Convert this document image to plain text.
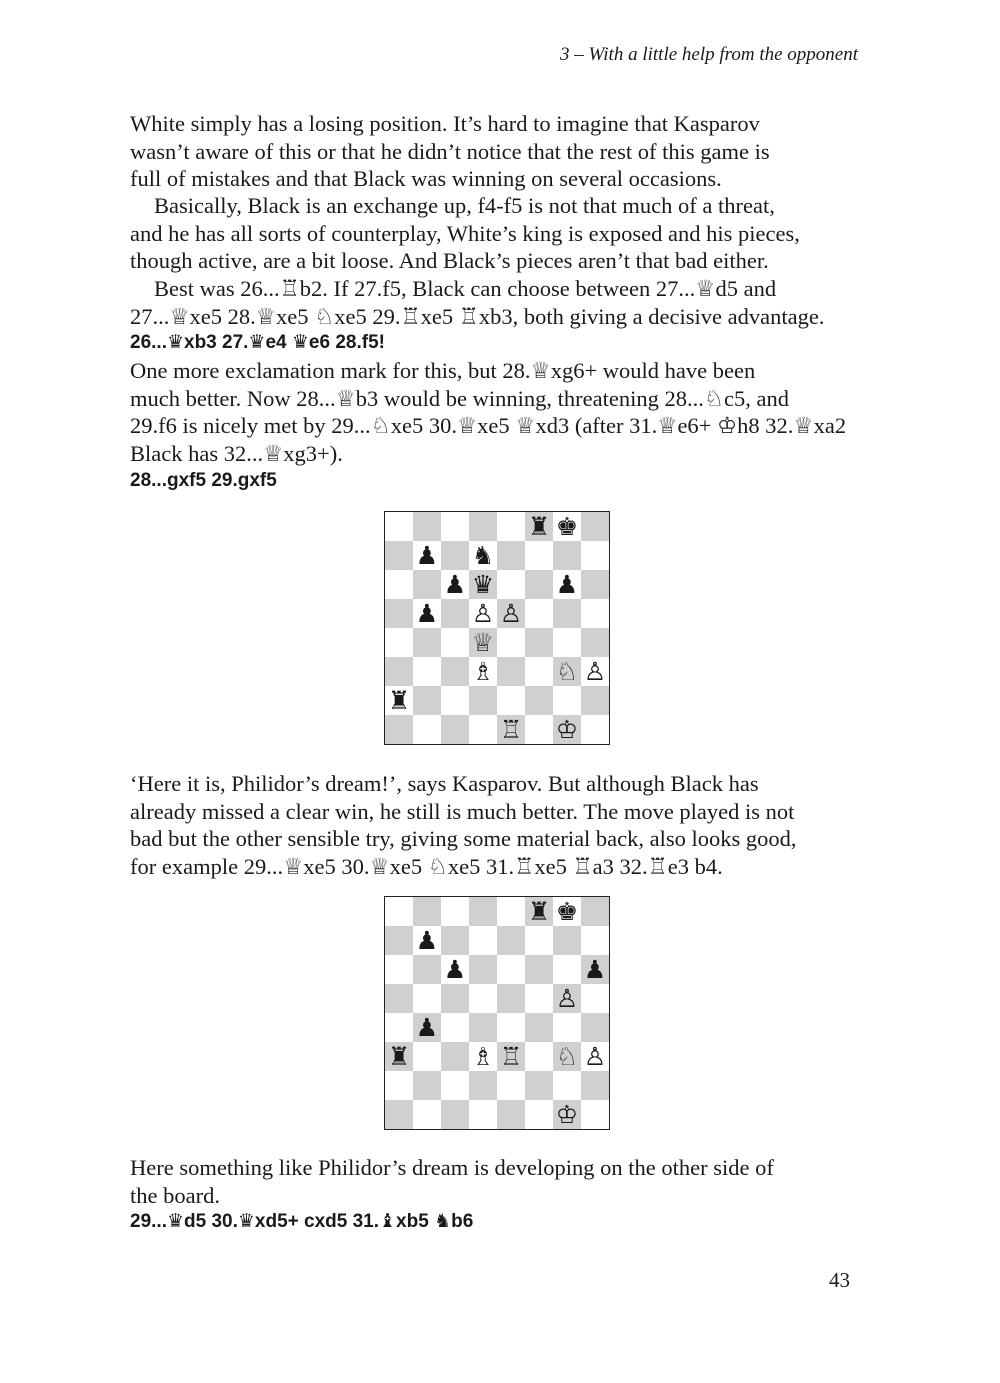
3 – With a little help from the opponent
White simply has a losing position. It’s hard to imagine that Kasparov
wasn’t aware of this or that he didn’t notice that the rest of this game is
full of mistakes and that Black was winning on several occasions.
Basically, Black is an exchange up, f4-f5 is not that much of a threat,
and he has all sorts of counterplay, White’s king is exposed and his pieces,
though active, are a bit loose. And Black’s pieces aren’t that bad either.
Best was 26...♖b2. If 27.f5, Black can choose between 27...♕d5 and
27...♕xe5 28.♕xe5 ♘xe5 29.♖xe5 ♖xb3, both giving a decisive advantage.
26...♛xb3 27.♛e4 ♛e6 28.f5!
One more exclamation mark for this, but 28.♕xg6+ would have been
much better. Now 28...♕b3 would be winning, threatening 28...♘c5, and
29.f6 is nicely met by 29...♘xe5 30.♕xe5 ♕xd3 (after 31.♕e6+ ♔h8 32.♕xa2
Black has 32...♕xg3+).
28...gxf5 29.gxf5
♜ ♚
♟ ♞
♟ ♛ ♟
♟ ♙ ♙
♕
♗ ♘ ♙
♜
♖ ♔
‘Here it is, Philidor’s dream!’, says Kasparov. But although Black has
already missed a clear win, he still is much better. The move played is not
bad but the other sensible try, giving some material back, also looks good,
for example 29...♕xe5 30.♕xe5 ♘xe5 31.♖xe5 ♖a3 32.♖e3 b4.
♜ ♚
♟
♟	♟
♙
♟
♜ ♗ ♖ ♘ ♙
♔
Here something like Philidor’s dream is developing on the other side of
the board.
29...♛d5 30.♛xd5+ cxd5 31.♝xb5 ♞b6
43
